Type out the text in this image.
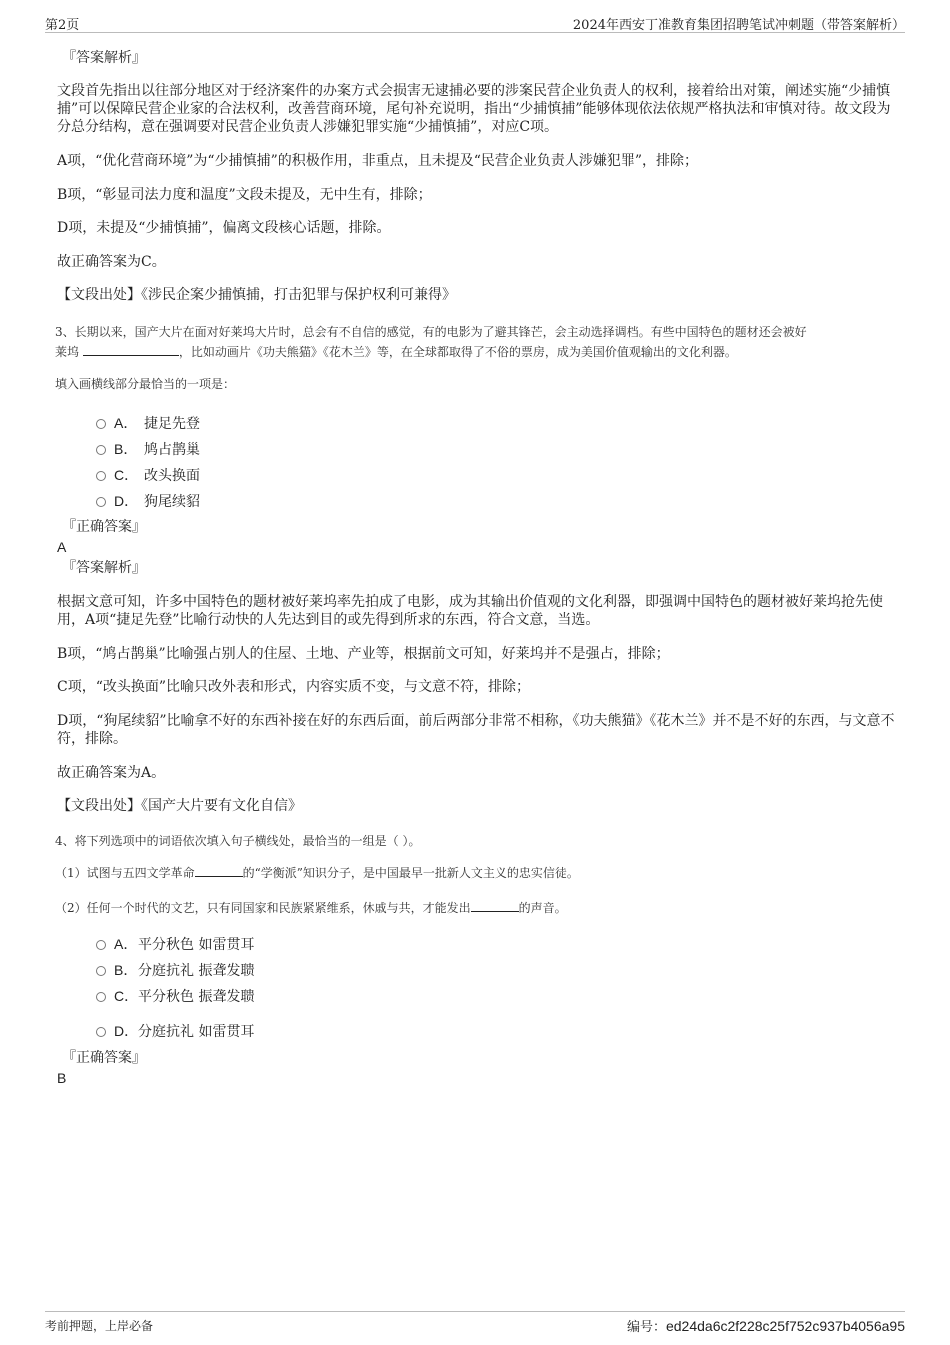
第2页	2024年西安丁准教育集团招聘笔试冲刺题（带答案解析）
『答案解析』
文段首先指出以往部分地区对于经济案件的办案方式会损害无逮捕必要的涉案民营企业负责人的权利，接着给出对策，阐述实施“少捕慎捕”可以保障民营企业家的合法权利，改善营商环境，尾句补充说明，指出“少捕慎捕”能够体现依法依规严格执法和审慎对待。故文段为分总分结构，意在强调要对民营企业负责人涉嫌犯罪实施“少捕慎捕”，对应C项。
A项，“优化营商环境”为“少捕慎捕”的积极作用，非重点，且未提及“民营企业负责人涉嫌犯罪”，排除；
B项，“彰显司法力度和温度”文段未提及，无中生有，排除；
D项，未提及“少捕慎捕”，偏离文段核心话题，排除。
故正确答案为C。
【文段出处】《涉民企案少捕慎捕，打击犯罪与保护权利可兼得》
3、长期以来，国产大片在面对好莱坞大片时，总会有不自信的感觉，有的电影为了避其锋芒，会主动选择调档。有些中国特色的题材还会被好
莱坞	，比如动画片《功夫熊猫》《花木兰》等，在全球都取得了不俗的票房，成为美国价值观输出的文化利器。
填入画横线部分最恰当的一项是：
A． 捷足先登
B． 鸠占鹊巢
C． 改头换面
D． 狗尾续貂
『正确答案』
A
『答案解析』
根据文意可知，许多中国特色的题材被好莱坞率先拍成了电影，成为其输出价值观的文化利器，即强调中国特色的题材被好莱坞抢先使用，A项“捷足先登”比喻行动快的人先达到目的或先得到所求的东西，符合文意，当选。
B项，“鸠占鹊巢”比喻强占别人的住屋、土地、产业等，根据前文可知，好莱坞并不是强占，排除；
C项，“改头换面”比喻只改外表和形式，内容实质不变，与文意不符，排除；
D项，“狗尾续貂”比喻拿不好的东西补接在好的东西后面，前后两部分非常不相称，《功夫熊猫》《花木兰》并不是不好的东西，与文意不符，排除。
故正确答案为A。
【文段出处】《国产大片要有文化自信》
4、将下列选项中的词语依次填入句子横线处，最恰当的一组是（ ）。
（1）试图与五四文学革命	的“学衡派”知识分子，是中国最早一批新人文主义的忠实信徒。
（2）任何一个时代的文艺，只有同国家和民族紧紧维系，休戚与共，才能发出	的声音。
A．平分秋色 如雷贯耳
B．分庭抗礼 振聋发聩
C．平分秋色 振聋发聩
D．分庭抗礼 如雷贯耳
『正确答案』
B
考前押题，上岸必备	编号：ed24da6c2f228c25f752c937b4056a95
